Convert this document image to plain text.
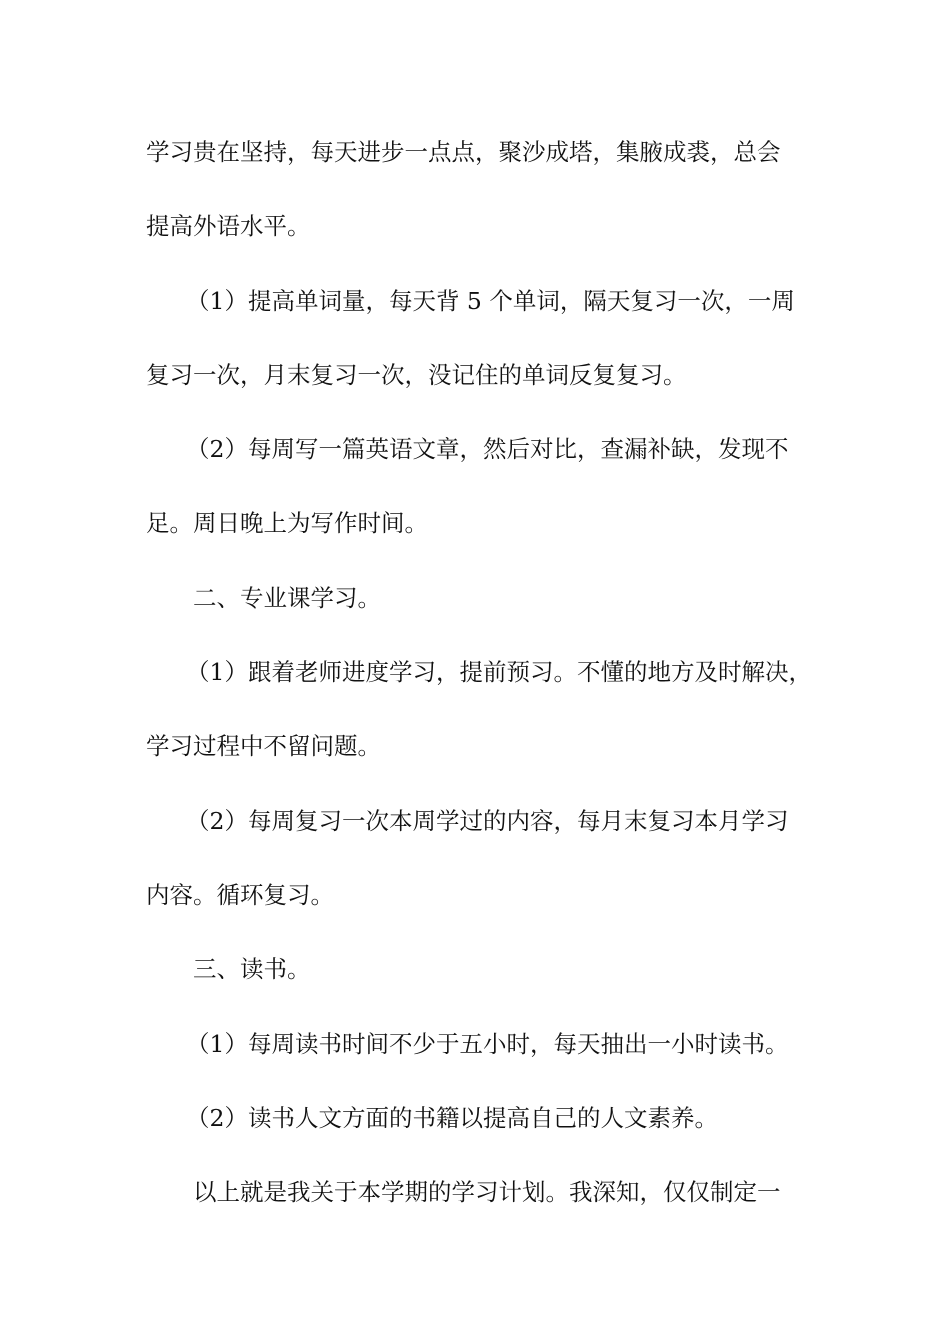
学习贵在坚持，每天进步一点点，聚沙成塔，集腋成裘，总会
提高外语水平。
（1）提高单词量，每天背 5 个单词，隔天复习一次，一周
复习一次，月末复习一次，没记住的单词反复复习。
（2）每周写一篇英语文章，然后对比，查漏补缺，发现不
足。周日晚上为写作时间。
二、专业课学习。
（1）跟着老师进度学习，提前预习。不懂的地方及时解决，
学习过程中不留问题。
（2）每周复习一次本周学过的内容，每月末复习本月学习
内容。循环复习。
三、读书。
（1）每周读书时间不少于五小时，每天抽出一小时读书。
（2）读书人文方面的书籍以提高自己的人文素养。
以上就是我关于本学期的学习计划。我深知，仅仅制定一
